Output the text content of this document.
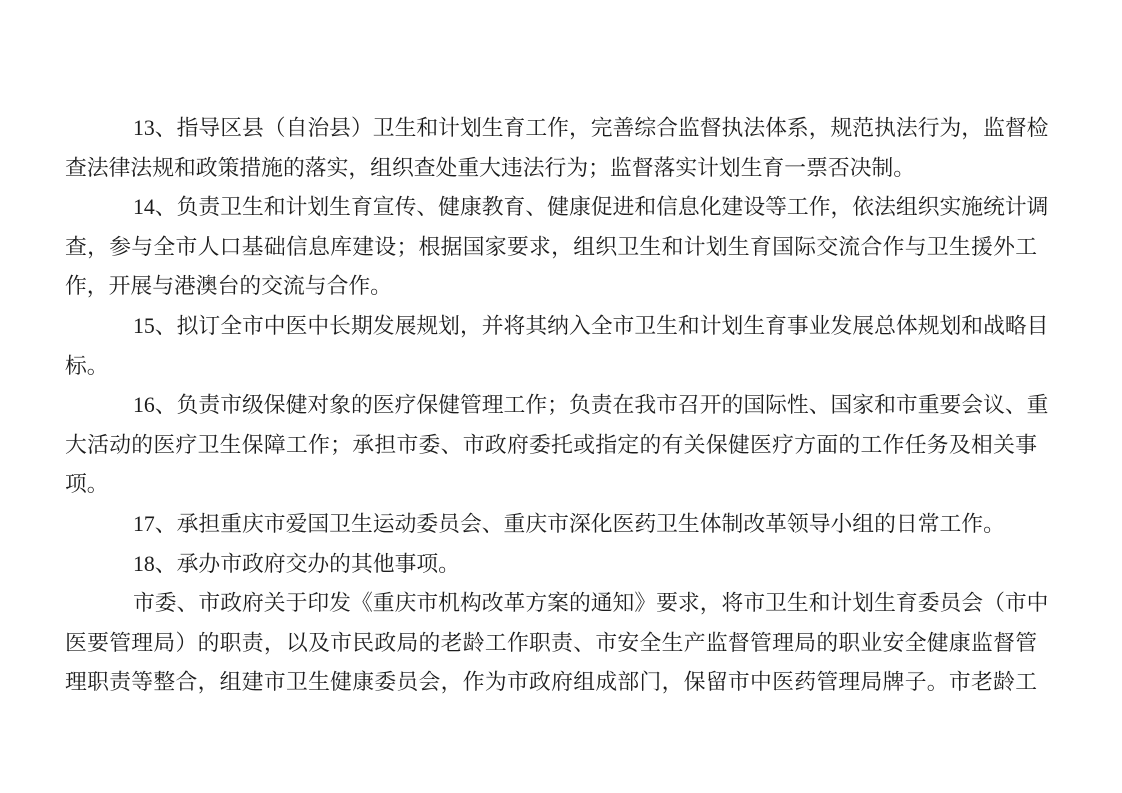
13、指导区县（自治县）卫生和计划生育工作，完善综合监督执法体系，规范执法行为，监督检
查法律法规和政策措施的落实，组织查处重大违法行为；监督落实计划生育一票否决制。
14、负责卫生和计划生育宣传、健康教育、健康促进和信息化建设等工作，依法组织实施统计调
查，参与全市人口基础信息库建设；根据国家要求，组织卫生和计划生育国际交流合作与卫生援外工
作，开展与港澳台的交流与合作。
15、拟订全市中医中长期发展规划，并将其纳入全市卫生和计划生育事业发展总体规划和战略目
标。
16、负责市级保健对象的医疗保健管理工作；负责在我市召开的国际性、国家和市重要会议、重
大活动的医疗卫生保障工作；承担市委、市政府委托或指定的有关保健医疗方面的工作任务及相关事
项。
17、承担重庆市爱国卫生运动委员会、重庆市深化医药卫生体制改革领导小组的日常工作。
18、承办市政府交办的其他事项。
市委、市政府关于印发《重庆市机构改革方案的通知》要求，将市卫生和计划生育委员会（市中
医要管理局）的职责，以及市民政局的老龄工作职责、市安全生产监督管理局的职业安全健康监督管
理职责等整合，组建市卫生健康委员会，作为市政府组成部门，保留市中医药管理局牌子。市老龄工
